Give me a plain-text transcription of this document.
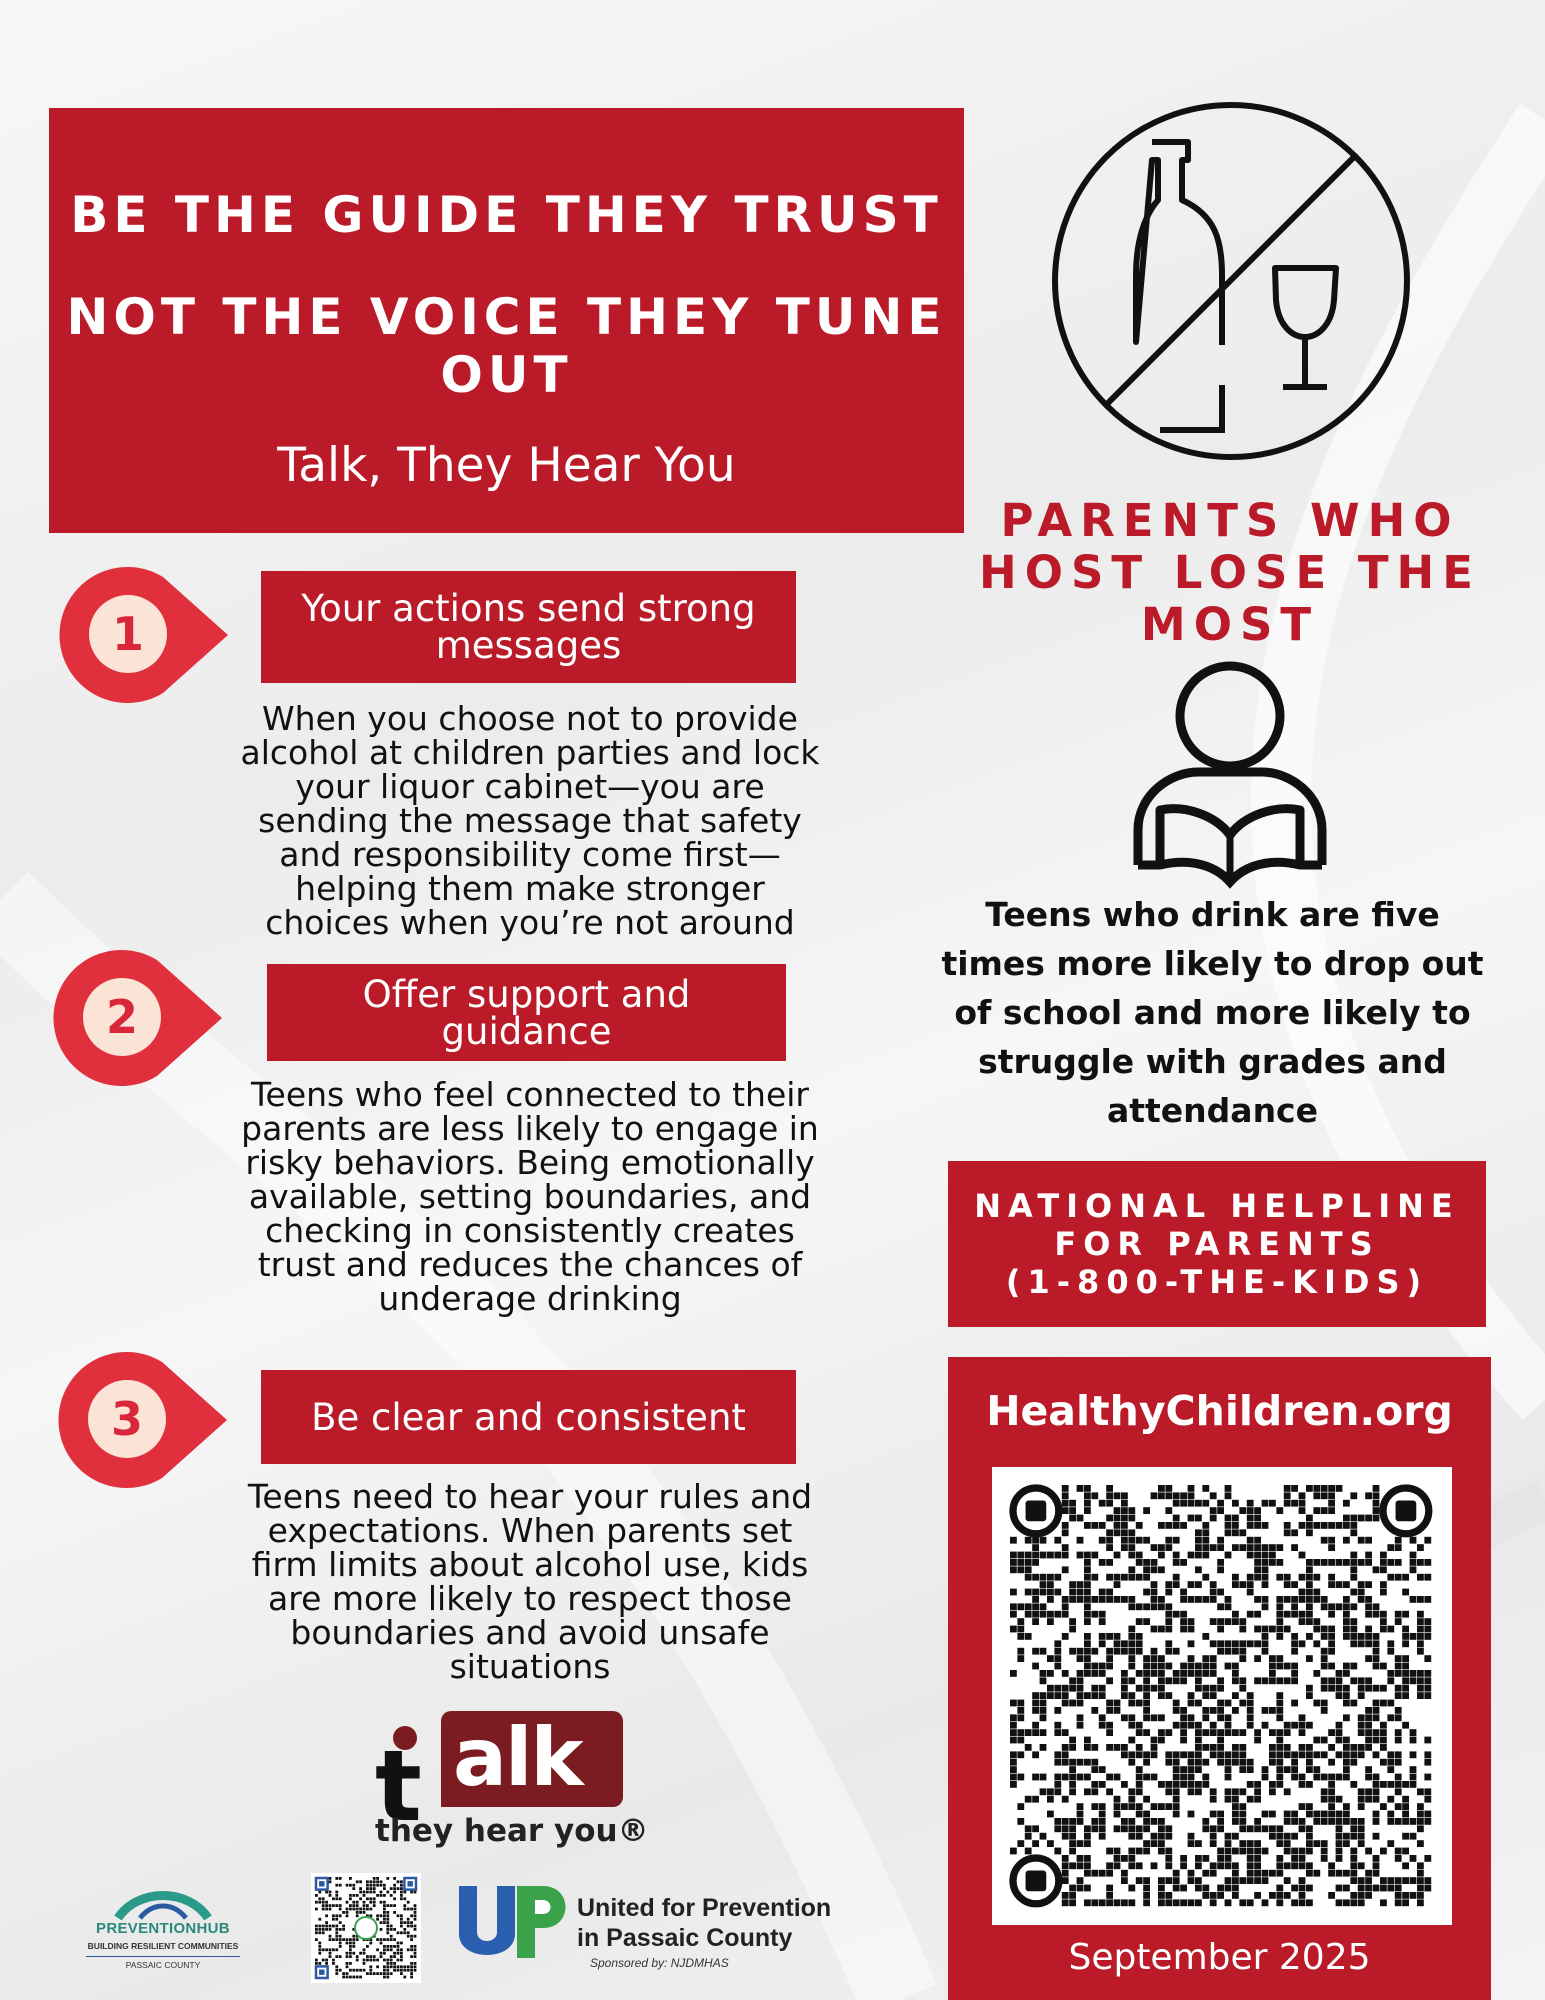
BE THE GUIDE THEY TRUST
NOT THE VOICE THEY TUNE OUT
Talk, They Hear You
1	Your actions send strong messages
When you choose not to provide alcohol at children parties and lock your liquor cabinet—you are sending the message that safety and responsibility come first—helping them make stronger choices when you’re not around
2	Offer support and guidance
Teens who feel connected to their parents are less likely to engage in risky behaviors. Being emotionally available, setting boundaries, and checking in consistently creates trust and reduces the chances of underage drinking
3	Be clear and consistent
Teens need to hear your rules and expectations. When parents set firm limits about alcohol use, kids are more likely to respect those boundaries and avoid unsafe situations
PARENTS WHO HOST LOSE THE MOST
Teens who drink are five times more likely to drop out of school and more likely to struggle with grades and attendance
NATIONAL HELPLINE
FOR PARENTS
(1-800-THE-KIDS)
HealthyChildren.org
September 2025
t alk
they hear you®
PREVENTIONHUB
BUILDING RESILIENT COMMUNITIES
PASSAIC COUNTY
United for Prevention
in Passaic County
Sponsored by: NJDMHAS
